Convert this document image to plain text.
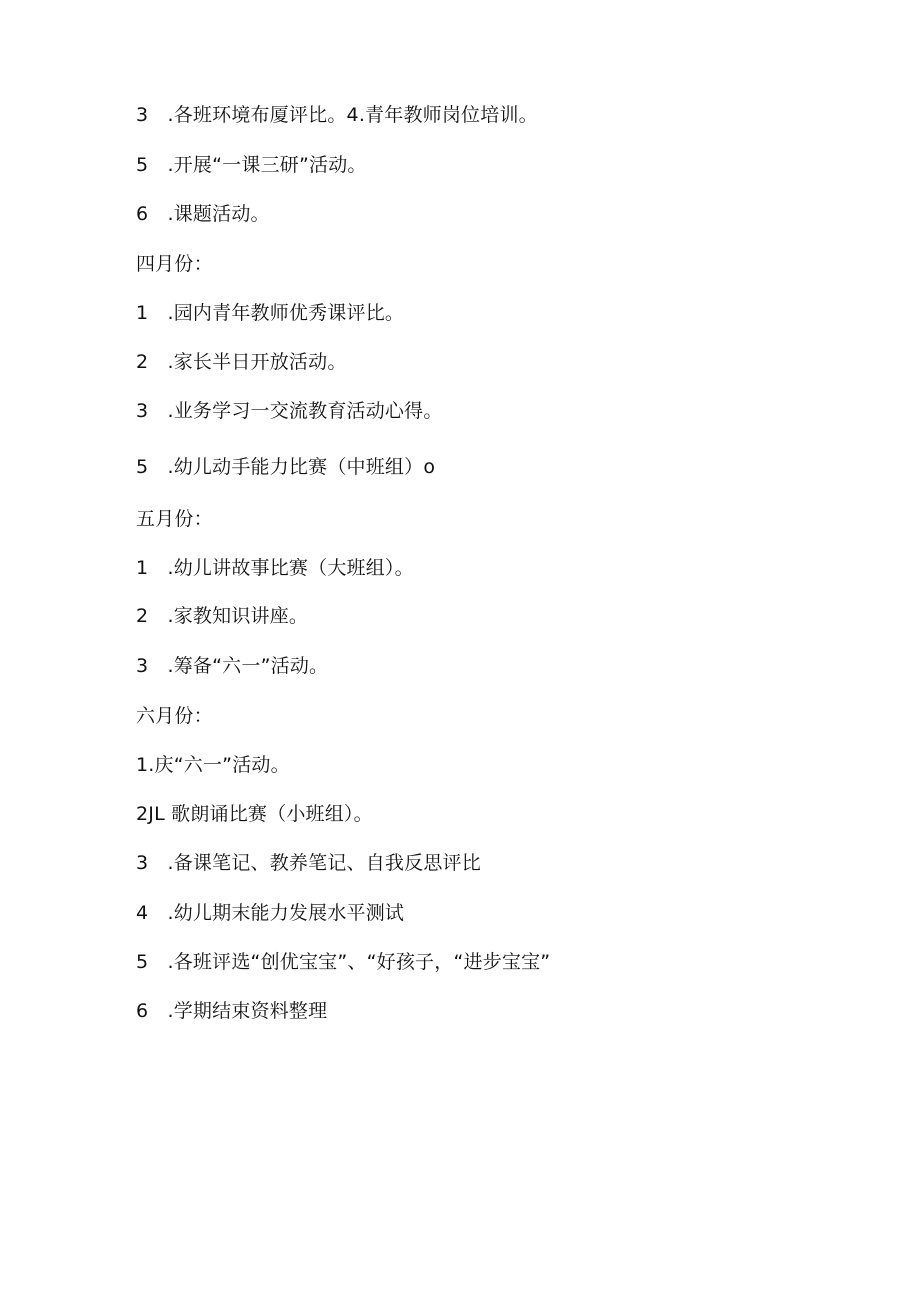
3 .各班环境布厦评比。4.青年教师岗位培训。
5 .开展“一课三研”活动。
6 .课题活动。
四月份：
1 .园内青年教师优秀课评比。
2 .家长半日开放活动。
3 .业务学习一交流教育活动心得。
5 .幼儿动手能力比赛（中班组）o
五月份：
1 .幼儿讲故事比赛（大班组）。
2 .家教知识讲座。
3 .筹备“六一”活动。
六月份：
1.庆“六一”活动。
2JL 歌朗诵比赛（小班组）。
3 .备课笔记、教养笔记、自我反思评比
4 .幼儿期末能力发展水平测试
5 .各班评选“创优宝宝”、“好孩子，“进步宝宝”
6 .学期结束资料整理
